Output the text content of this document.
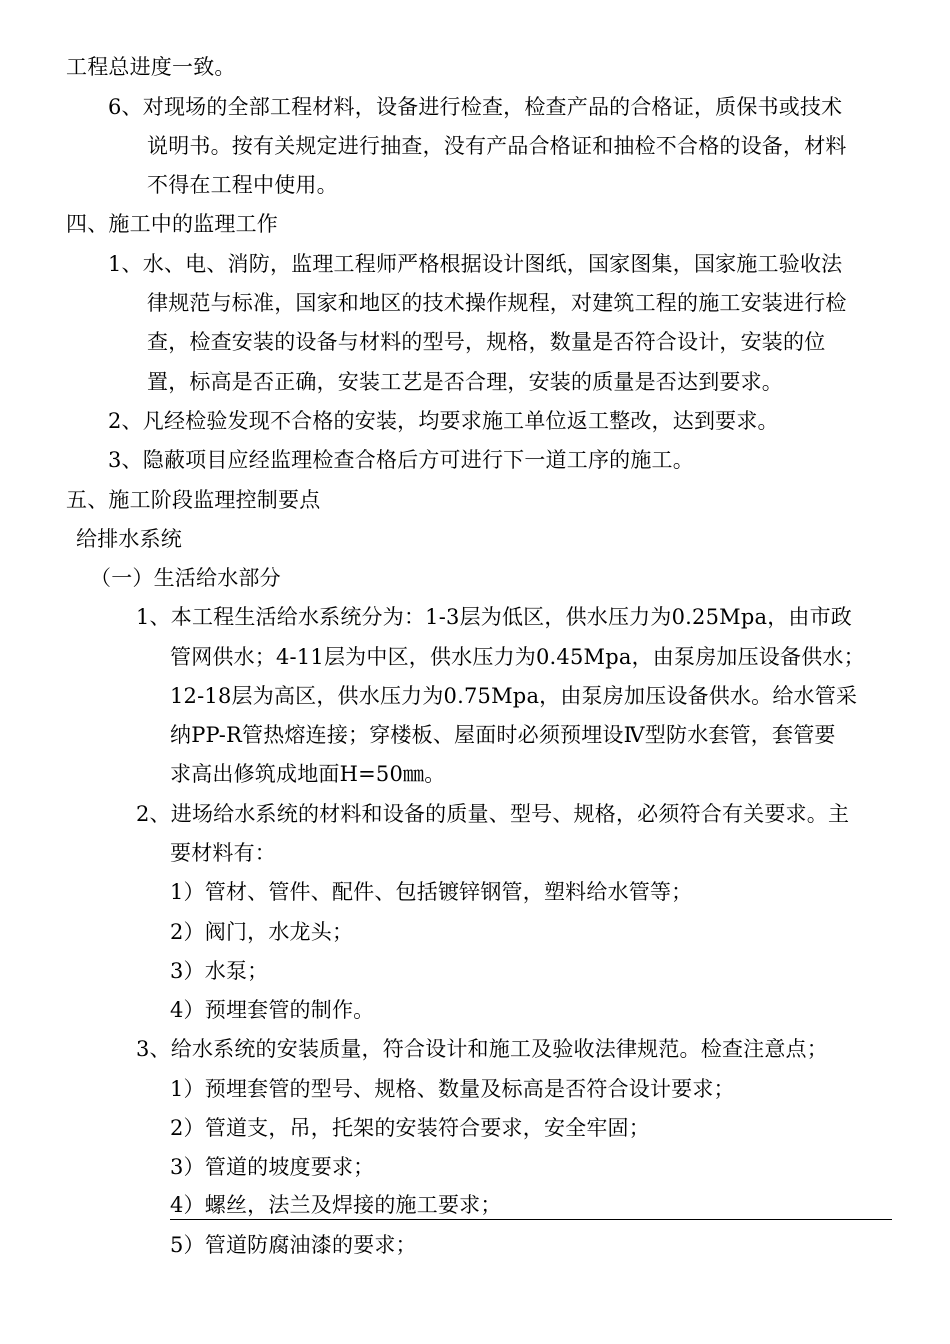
工程总进度一致。
6、对现场的全部工程材料，设备进行检查，检查产品的合格证，质保书或技术
说明书。按有关规定进行抽查，没有产品合格证和抽检不合格的设备，材料
不得在工程中使用。
四、施工中的监理工作
1、水、电、消防，监理工程师严格根据设计图纸，国家图集，国家施工验收法
律规范与标准，国家和地区的技术操作规程，对建筑工程的施工安装进行检
查，检查安装的设备与材料的型号，规格，数量是否符合设计，安装的位
置，标高是否正确，安装工艺是否合理，安装的质量是否达到要求。
2、凡经检验发现不合格的安装，均要求施工单位返工整改，达到要求。
3、隐蔽项目应经监理检查合格后方可进行下一道工序的施工。
五、施工阶段监理控制要点
给排水系统
（一）生活给水部分
1、本工程生活给水系统分为：1-3层为低区，供水压力为0.25Mpa，由市政
管网供水；4-11层为中区，供水压力为0.45Mpa，由泵房加压设备供水；
12-18层为高区，供水压力为0.75Mpa，由泵房加压设备供水。给水管采
纳PP-R管热熔连接；穿楼板、屋面时必须预埋设Ⅳ型防水套管，套管要
求高出修筑成地面H=50㎜。
2、进场给水系统的材料和设备的质量、型号、规格，必须符合有关要求。主
要材料有：
1）管材、管件、配件、包括镀锌钢管，塑料给水管等；
2）阀门，水龙头；
3）水泵；
4）预埋套管的制作。
3、给水系统的安装质量，符合设计和施工及验收法律规范。检查注意点；
1）预埋套管的型号、规格、数量及标高是否符合设计要求；
2）管道支，吊，托架的安装符合要求，安全牢固；
3）管道的坡度要求；
4）螺丝，法兰及焊接的施工要求；
5）管道防腐油漆的要求；
